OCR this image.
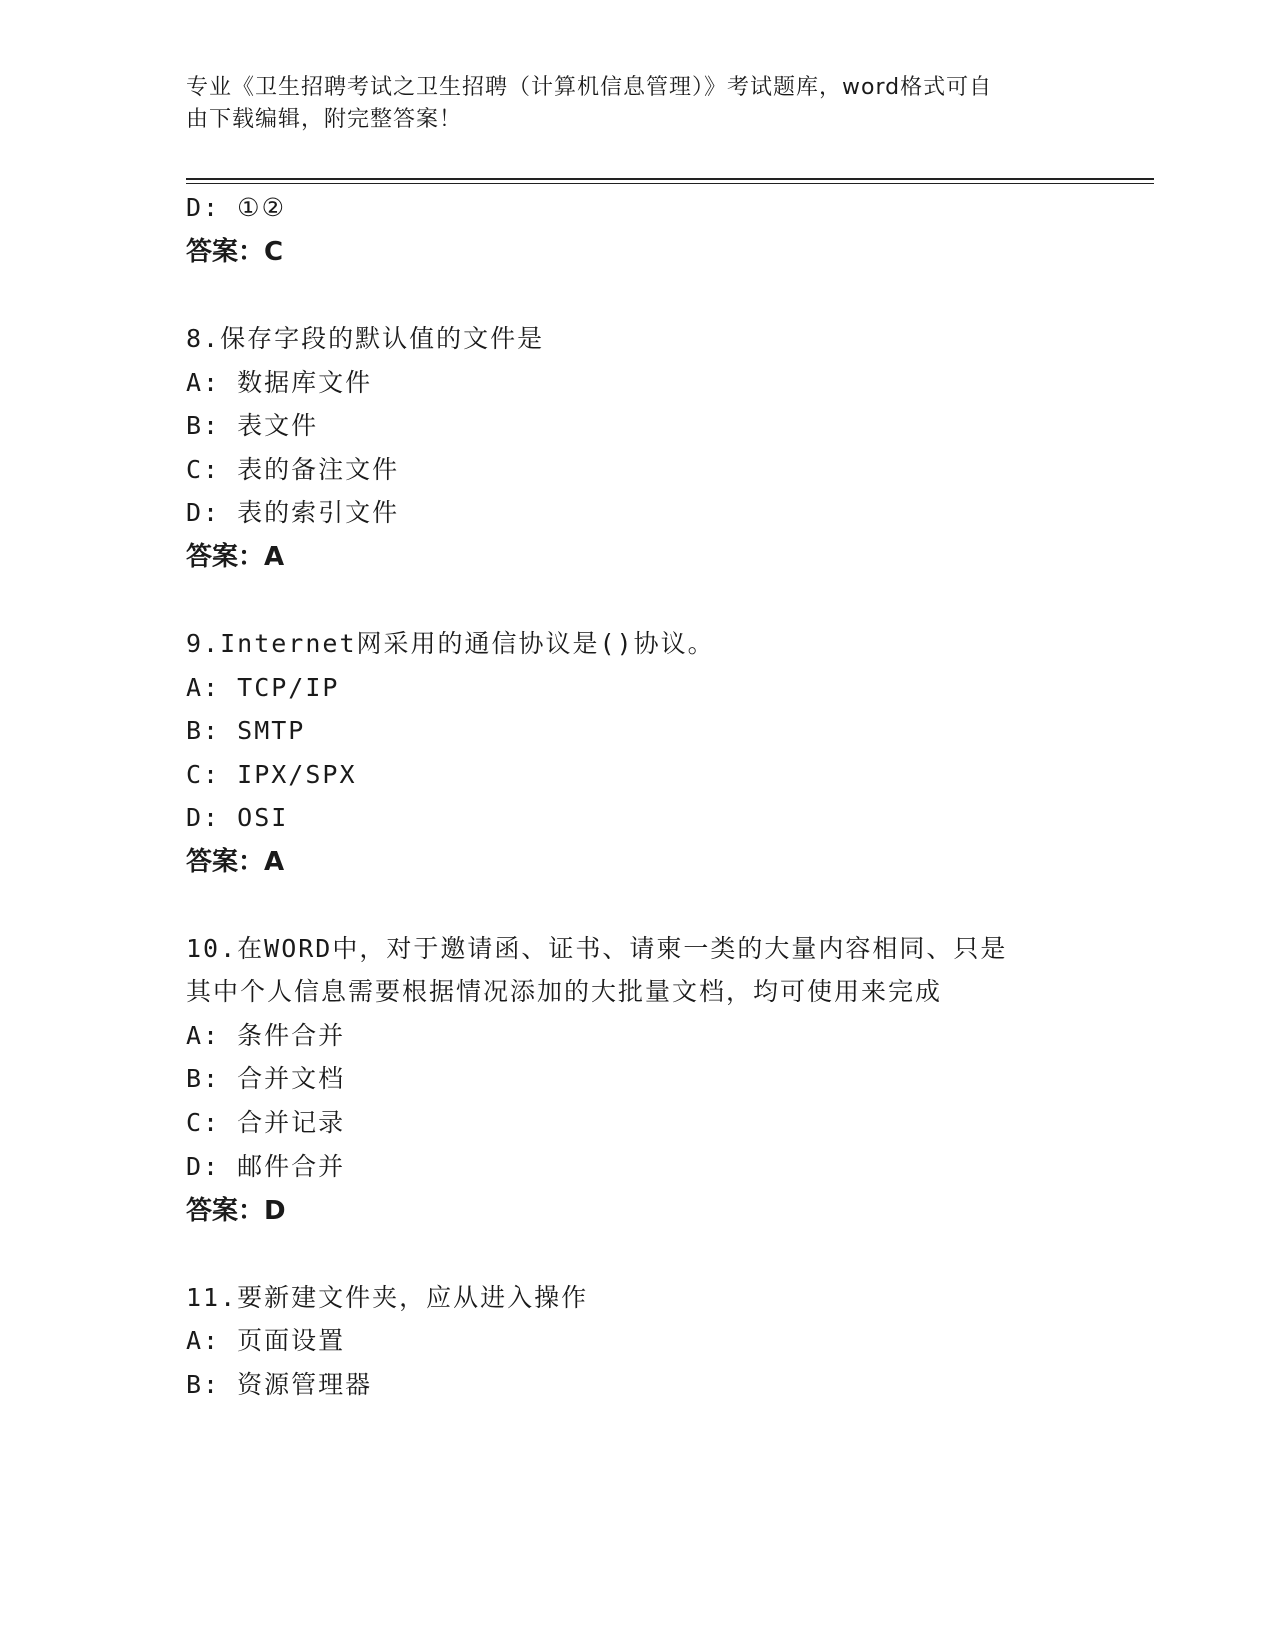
专业《卫生招聘考试之卫生招聘（计算机信息管理）》考试题库，word格式可自
由下载编辑，附完整答案！
D: ①②
答案：C
8.保存字段的默认值的文件是
A: 数据库文件
B: 表文件
C: 表的备注文件
D: 表的索引文件
答案：A
9.Internet网采用的通信协议是()协议。
A: TCP/IP
B: SMTP
C: IPX/SPX
D: OSI
答案：A
10.在WORD中，对于邀请函、证书、请柬一类的大量内容相同、只是
其中个人信息需要根据情况添加的大批量文档，均可使用来完成
A: 条件合并
B: 合并文档
C: 合并记录
D: 邮件合并
答案：D
11.要新建文件夹，应从进入操作
A: 页面设置
B: 资源管理器
